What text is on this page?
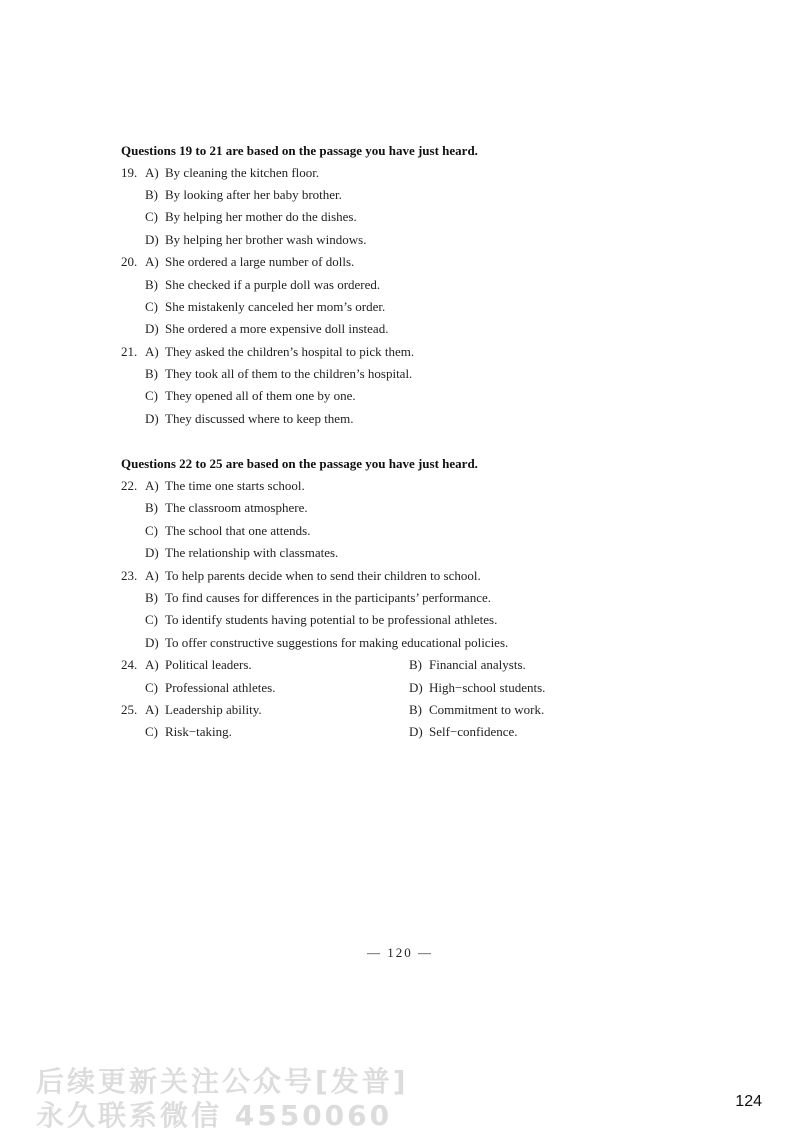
Questions 19 to 21 are based on the passage you have just heard.
19. A) By cleaning the kitchen floor.
B) By looking after her baby brother.
C) By helping her mother do the dishes.
D) By helping her brother wash windows.
20. A) She ordered a large number of dolls.
B) She checked if a purple doll was ordered.
C) She mistakenly canceled her mom’s order.
D) She ordered a more expensive doll instead.
21. A) They asked the children’s hospital to pick them.
B) They took all of them to the children’s hospital.
C) They opened all of them one by one.
D) They discussed where to keep them.
Questions 22 to 25 are based on the passage you have just heard.
22. A) The time one starts school.
B) The classroom atmosphere.
C) The school that one attends.
D) The relationship with classmates.
23. A) To help parents decide when to send their children to school.
B) To find causes for differences in the participants’ performance.
C) To identify students having potential to be professional athletes.
D) To offer constructive suggestions for making educational policies.
24. A) Political leaders.	B) Financial analysts.
C) Professional athletes.	D) High−school students.
25. A) Leadership ability.	B) Commitment to work.
C) Risk−taking.	D) Self−confidence.
— 120 —
后续更新关注公众号[发普]
永久联系微信 4550060	124
